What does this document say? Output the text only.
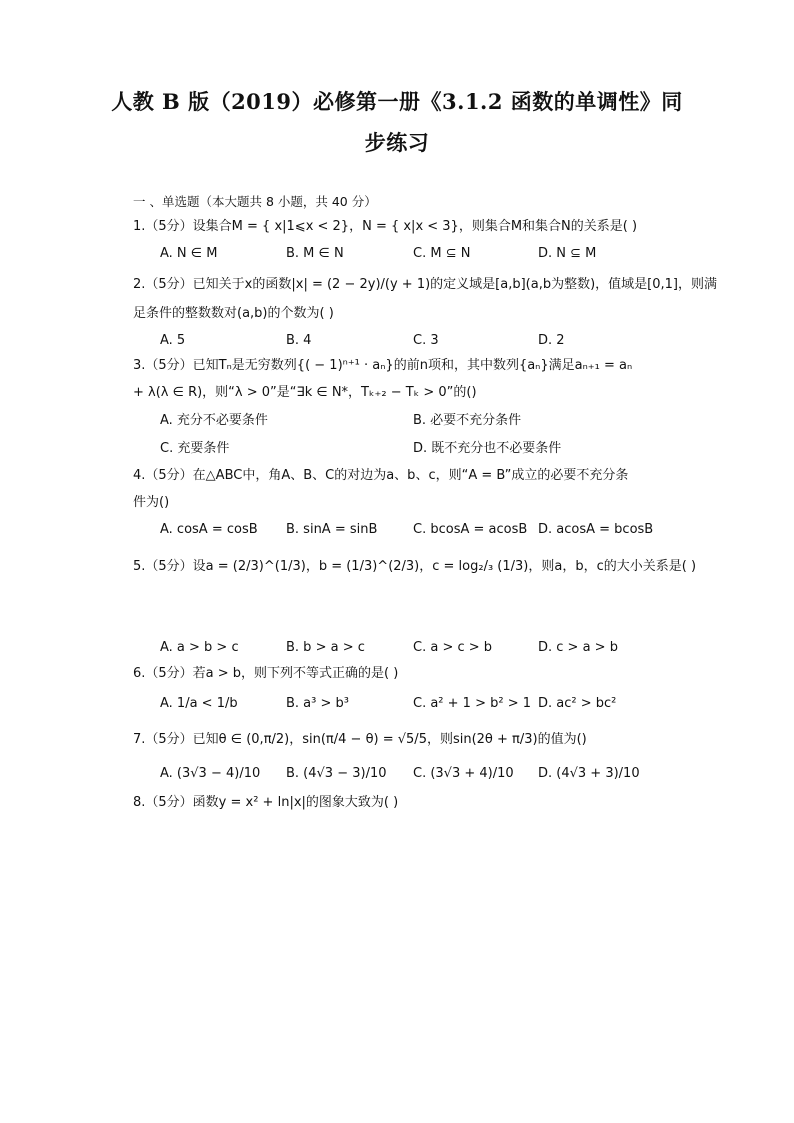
人教 B 版（2019）必修第一册《3.1.2 函数的单调性》同
步练习
一 、单选题（本大题共 8 小题，共 40 分）
1.（5分）设集合M = { x|1⩽x < 2}，N = { x|x < 3}，则集合M和集合N的关系是( )
A. N ∈ M	B. M ∈ N	C. M ⊆ N	D. N ⊆ M
2.（5分）已知关于x的函数|x| = (2 − 2y)/(y + 1)的定义域是[a,b](a,b为整数)，值域是[0,1]，则满
足条件的整数数对(a,b)的个数为( )
A. 5	B. 4	C. 3	D. 2
3.（5分）已知Tₙ是无穷数列{( − 1)ⁿ⁺¹ · aₙ}的前n项和，其中数列{aₙ}满足aₙ₊₁ = aₙ
+ λ(λ ∈ R)，则“λ > 0”是“∃k ∈ N*，Tₖ₊₂ − Tₖ > 0”的()
A. 充分不必要条件	B. 必要不充分条件
C. 充要条件	D. 既不充分也不必要条件
4.（5分）在△ABC中，角A、B、C的对边为a、b、c，则“A = B”成立的必要不充分条
件为()
A. cosA = cosB B. sinA = sinB	C. bcosA = acosB D. acosA = bcosB
5.（5分）设a = (2/3)^(1/3)，b = (1/3)^(2/3)，c = log₂/₃ (1/3)，则a，b，c的大小关系是( )
A. a > b > c	B. b > a > c	C. a > c > b	D. c > a > b
6.（5分）若a > b，则下列不等式正确的是( )
A. 1/a < 1/b	B. a³ > b³	C. a² + 1 > b² > 1 D. ac² > bc²
7.（5分）已知θ ∈ (0,π/2)，sin(π/4 − θ) = √5/5，则sin(2θ + π/3)的值为()
A. (3√3 − 4)/10 B. (4√3 − 3)/10 C. (3√3 + 4)/10 D. (4√3 + 3)/10
8.（5分）函数y = x² + ln|x|的图象大致为( )
